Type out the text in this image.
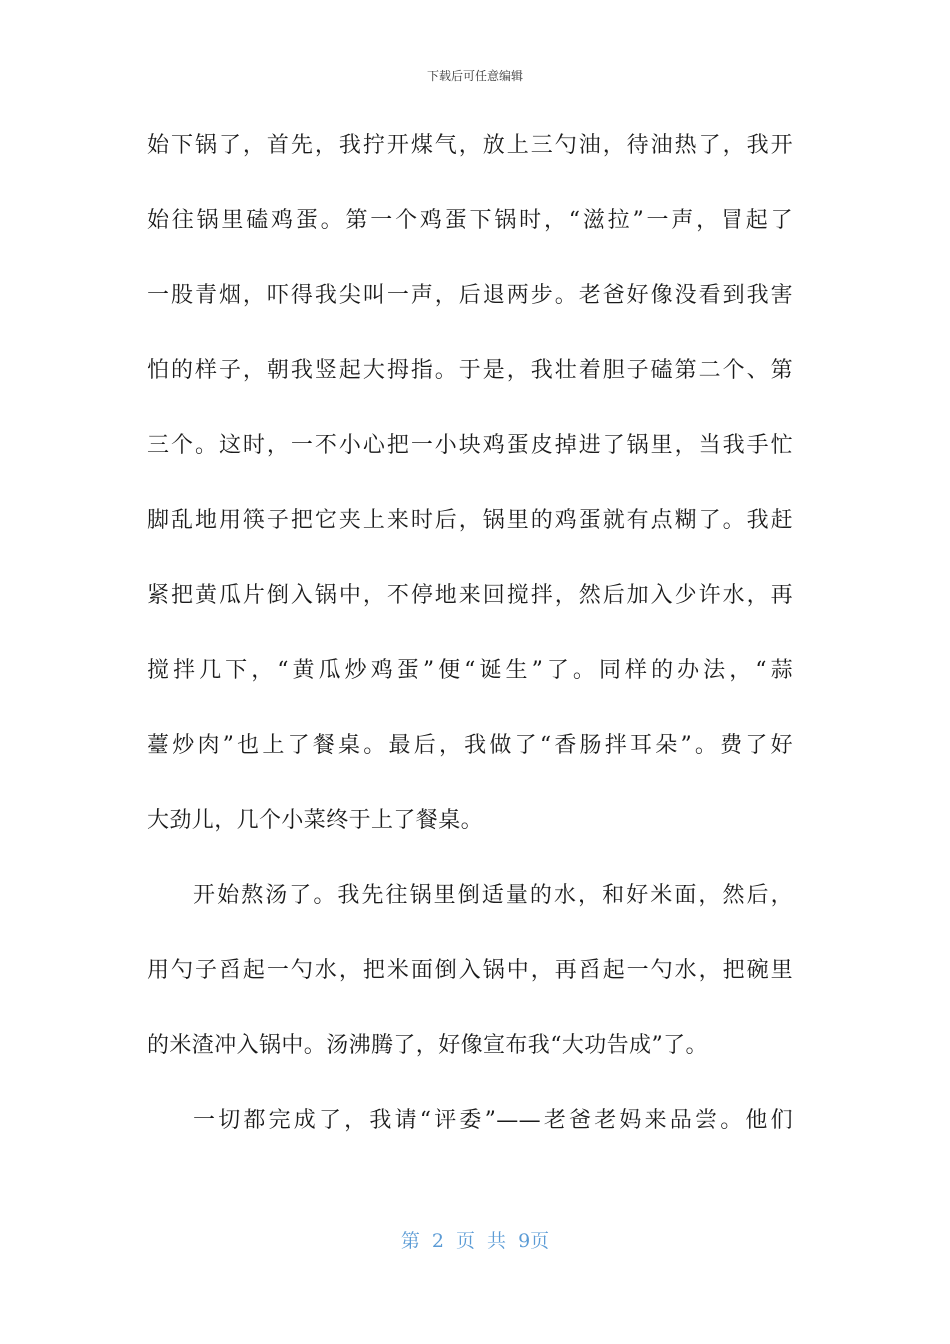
下载后可任意编辑
始下锅了，首先，我拧开煤气，放上三勺油，待油热了，我开
始往锅里磕鸡蛋。第一个鸡蛋下锅时，“滋拉”一声，冒起了
一股青烟，吓得我尖叫一声，后退两步。老爸好像没看到我害
怕的样子，朝我竖起大拇指。于是，我壮着胆子磕第二个、第
三个。这时，一不小心把一小块鸡蛋皮掉进了锅里，当我手忙
脚乱地用筷子把它夹上来时后，锅里的鸡蛋就有点糊了。我赶
紧把黄瓜片倒入锅中，不停地来回搅拌，然后加入少许水，再
搅拌几下，“黄瓜炒鸡蛋”便“诞生”了。同样的办法，“蒜
薹炒肉”也上了餐桌。最后，我做了“香肠拌耳朵”。费了好
大劲儿，几个小菜终于上了餐桌。
开始熬汤了。我先往锅里倒适量的水，和好米面，然后，
用勺子舀起一勺水，把米面倒入锅中，再舀起一勺水，把碗里
的米渣冲入锅中。汤沸腾了，好像宣布我“大功告成”了。
一切都完成了，我请“评委”——老爸老妈来品尝。他们
第 2 页 共 9页
